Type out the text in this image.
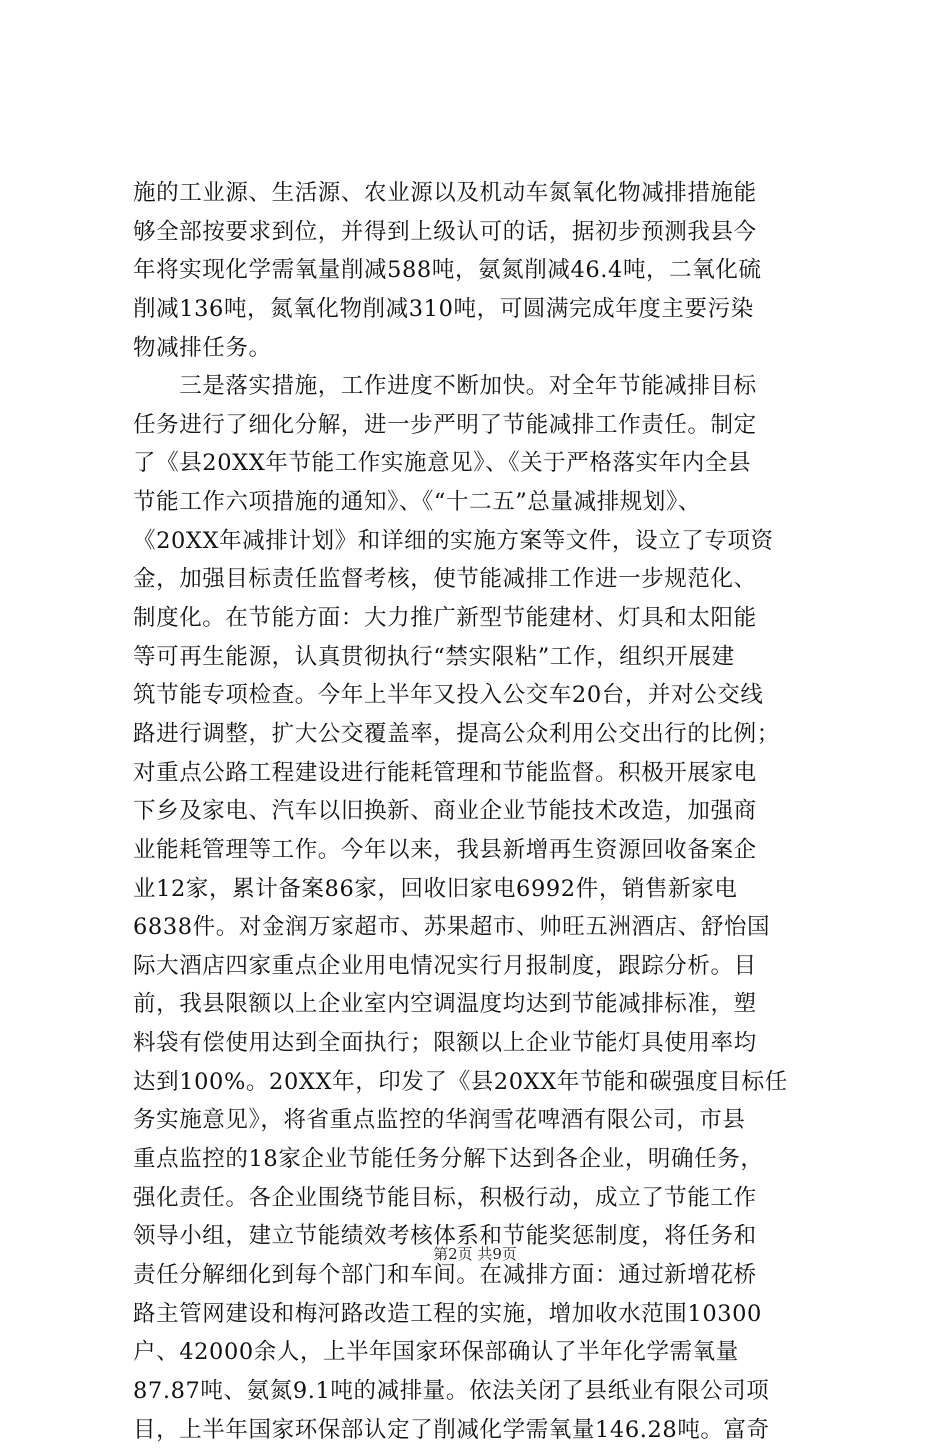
施的工业源、生活源、农业源以及机动车氮氧化物减排措施能
够全部按要求到位，并得到上级认可的话，据初步预测我县今
年将实现化学需氧量削减588吨，氨氮削减46.4吨，二氧化硫
削减136吨，氮氧化物削减310吨，可圆满完成年度主要污染
物减排任务。
　　三是落实措施，工作进度不断加快。对全年节能减排目标
任务进行了细化分解，进一步严明了节能减排工作责任。制定
了《县20XX年节能工作实施意见》、《关于严格落实年内全县
节能工作六项措施的通知》、《“十二五”总量减排规划》、
《20XX年减排计划》和详细的实施方案等文件，设立了专项资
金，加强目标责任监督考核，使节能减排工作进一步规范化、
制度化。在节能方面：大力推广新型节能建材、灯具和太阳能
等可再生能源，认真贯彻执行“禁实限粘”工作，组织开展建
筑节能专项检查。今年上半年又投入公交车20台，并对公交线
路进行调整，扩大公交覆盖率，提高公众利用公交出行的比例；
对重点公路工程建设进行能耗管理和节能监督。积极开展家电
下乡及家电、汽车以旧换新、商业企业节能技术改造，加强商
业能耗管理等工作。今年以来，我县新增再生资源回收备案企
业12家，累计备案86家，回收旧家电6992件，销售新家电
6838件。对金润万家超市、苏果超市、帅旺五洲酒店、舒怡国
际大酒店四家重点企业用电情况实行月报制度，跟踪分析。目
前，我县限额以上企业室内空调温度均达到节能减排标准，塑
料袋有偿使用达到全面执行；限额以上企业节能灯具使用率均
达到100%。20XX年，印发了《县20XX年节能和碳强度目标任
务实施意见》，将省重点监控的华润雪花啤酒有限公司，市县
重点监控的18家企业节能任务分解下达到各企业，明确任务，
强化责任。各企业围绕节能目标，积极行动，成立了节能工作
领导小组，建立节能绩效考核体系和节能奖惩制度，将任务和
责任分解细化到每个部门和车间。在减排方面：通过新增花桥
路主管网建设和梅河路改造工程的实施，增加收水范围10300
户、42000余人，上半年国家环保部确认了半年化学需氧量
87.87吨、氨氮9.1吨的减排量。依法关闭了县纸业有限公司项
目，上半年国家环保部认定了削减化学需氧量146.28吨。富奇
第2页 共9页
